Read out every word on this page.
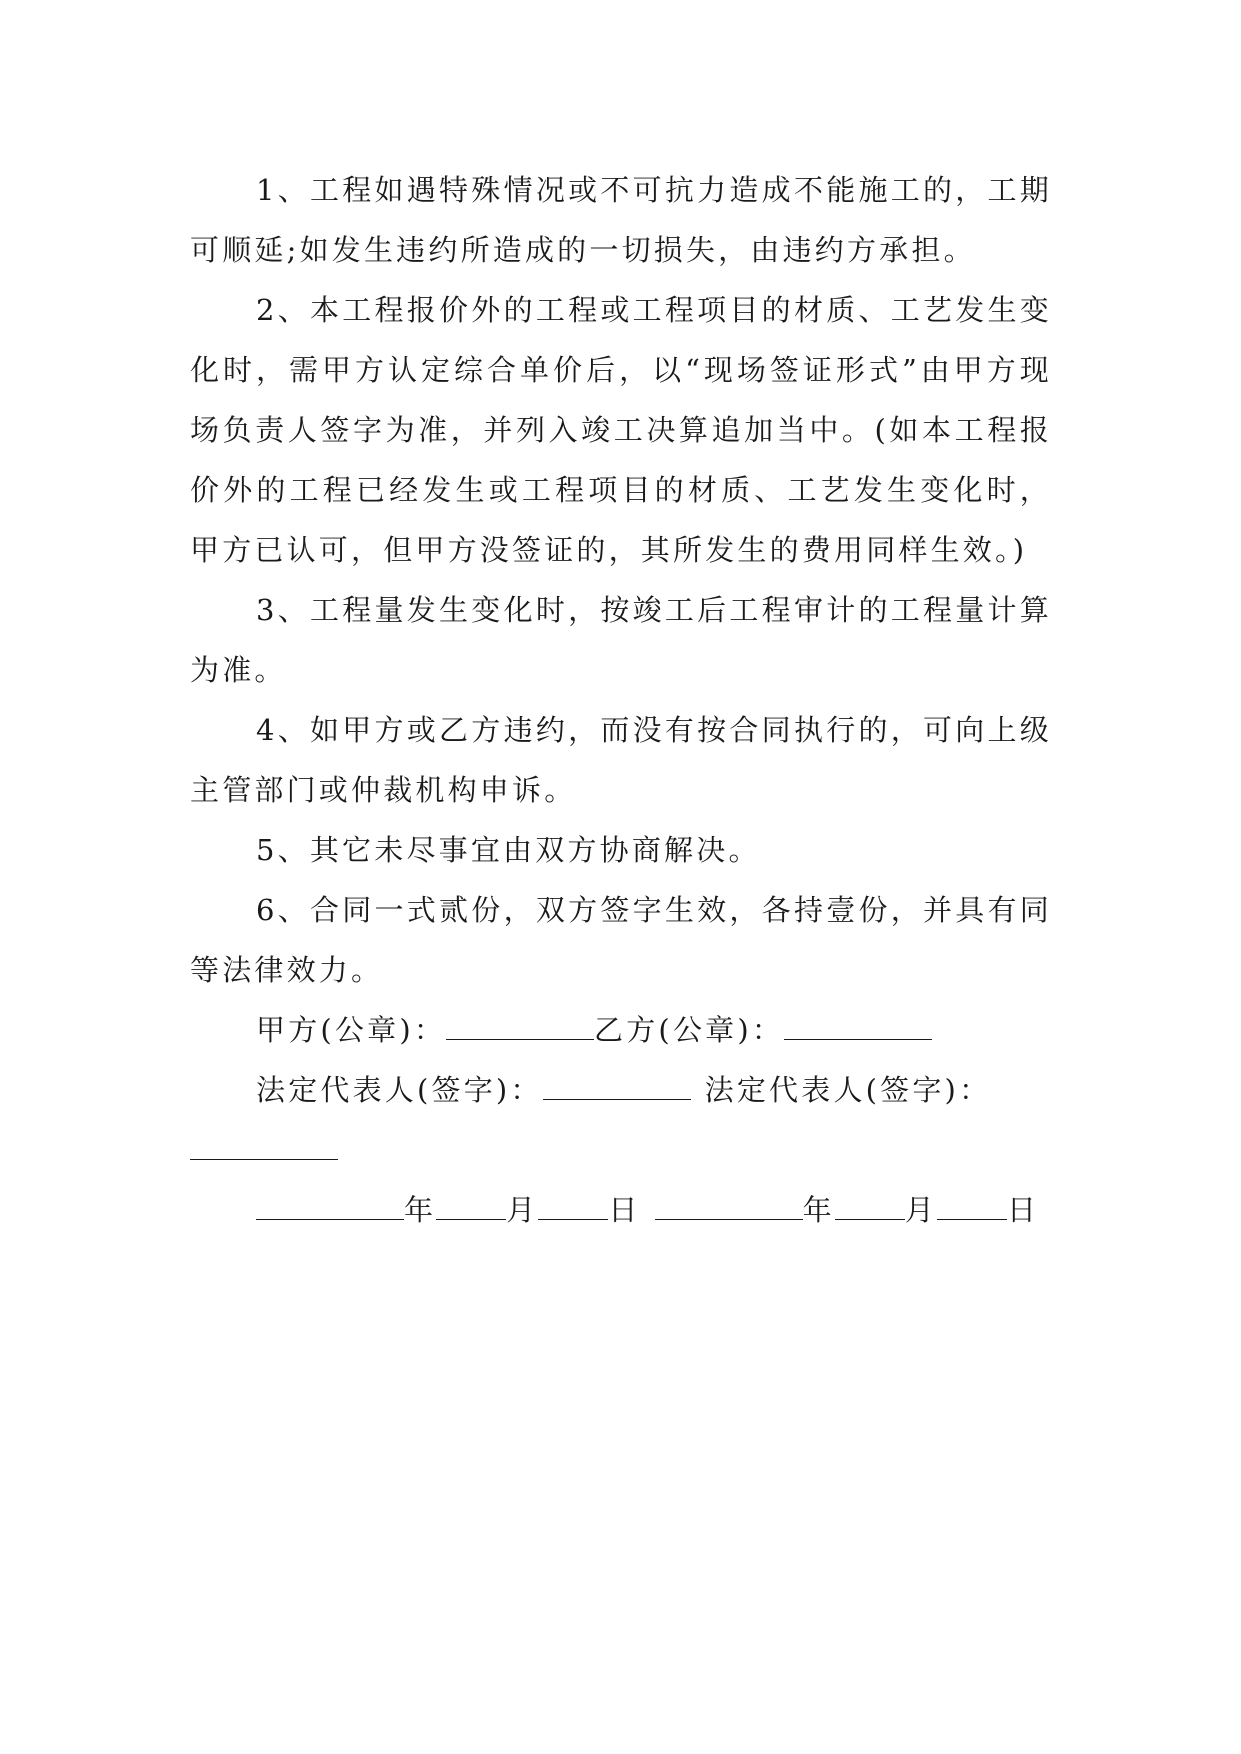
1、工程如遇特殊情况或不可抗力造成不能施工的，工期可顺延;如发生违约所造成的一切损失，由违约方承担。

2、本工程报价外的工程或工程项目的材质、工艺发生变化时，需甲方认定综合单价后，以“现场签证形式”由甲方现场负责人签字为准，并列入竣工决算追加当中。(如本工程报价外的工程已经发生或工程项目的材质、工艺发生变化时，甲方已认可，但甲方没签证的，其所发生的费用同样生效。)

3、工程量发生变化时，按竣工后工程审计的工程量计算为准。

4、如甲方或乙方违约，而没有按合同执行的，可向上级主管部门或仲裁机构申诉。

5、其它未尽事宜由双方协商解决。

6、合同一式贰份，双方签字生效，各持壹份，并具有同等法律效力。

甲方(公章)：	乙方(公章)：

法定代表人(签字)：	法定代表人(签字)：

年 月 日	年 月 日
